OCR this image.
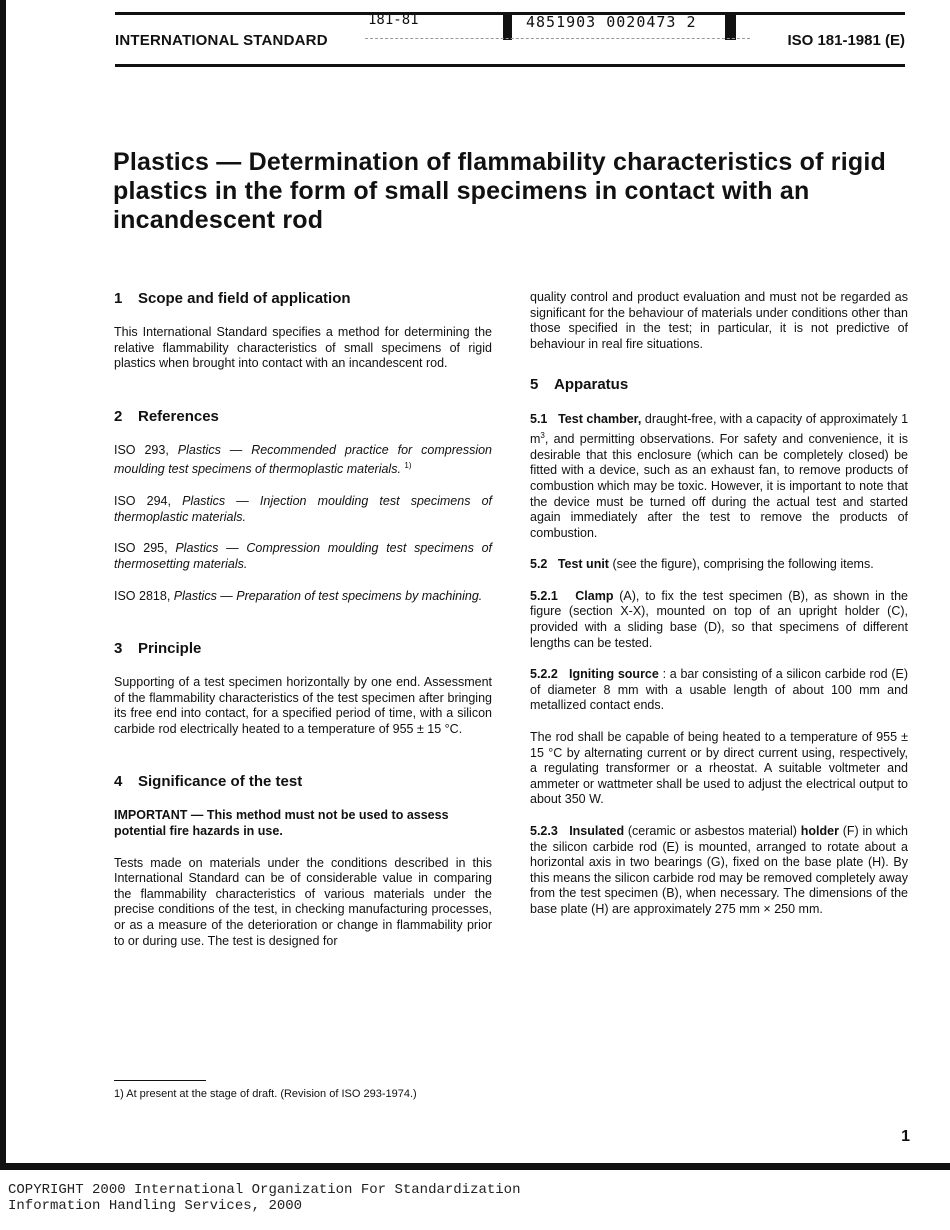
181-81	4851903 0020473 2
INTERNATIONAL STANDARD	ISO 181-1981 (E)
Plastics — Determination of flammability characteristics of rigid plastics in the form of small specimens in contact with an incandescent rod
1 Scope and field of application

This International Standard specifies a method for determining the relative flammability characteristics of small specimens of rigid plastics when brought into contact with an incandescent rod.

2 References

ISO 293, Plastics — Recommended practice for compression moulding test specimens of thermoplastic materials. $^{1)}$

ISO 294, Plastics — Injection moulding test specimens of thermoplastic materials.

ISO 295, Plastics — Compression moulding test specimens of thermosetting materials.

ISO 2818, Plastics — Preparation of test specimens by machining.

3 Principle

Supporting of a test specimen horizontally by one end. Assessment of the flammability characteristics of the test specimen after bringing its free end into contact, for a specified period of time, with a silicon carbide rod electrically heated to a temperature of 955 ± 15 °C.

4 Significance of the test

IMPORTANT — This method must not be used to assess potential fire hazards in use.

Tests made on materials under the conditions described in this International Standard can be of considerable value in comparing the flammability characteristics of various materials under the precise conditions of the test, in checking manufacturing processes, or as a measure of the deterioration or change in flammability prior to or during use. The test is designed for

quality control and product evaluation and must not be regarded as significant for the behaviour of materials under conditions other than those specified in the test; in particular, it is not predictive of behaviour in real fire situations.

5 Apparatus

5.1 Test chamber, draught-free, with a capacity of approximately 1 $m^3$, and permitting observations. For safety and convenience, it is desirable that this enclosure (which can be completely closed) be fitted with a device, such as an exhaust fan, to remove products of combustion which may be toxic. However, it is important to note that the device must be turned off during the actual test and started again immediately after the test to remove the products of combustion.

5.2 Test unit (see the figure), comprising the following items.

5.2.1 Clamp (A), to fix the test specimen (B), as shown in the figure (section X-X), mounted on top of an upright holder (C), provided with a sliding base (D), so that specimens of different lengths can be tested.

5.2.2 Igniting source : a bar consisting of a silicon carbide rod (E) of diameter 8 mm with a usable length of about 100 mm and metallized contact ends.

The rod shall be capable of being heated to a temperature of 955 ± 15 °C by alternating current or by direct current using, respectively, a regulating transformer or a rheostat. A suitable voltmeter and ammeter or wattmeter shall be used to adjust the electrical output to about 350 W.

5.2.3 Insulated (ceramic or asbestos material) holder (F) in which the silicon carbide rod (E) is mounted, arranged to rotate about a horizontal axis in two bearings (G), fixed on the base plate (H). By this means the silicon carbide rod may be removed completely away from the test specimen (B), when necessary. The dimensions of the base plate (H) are approximately 275 mm × 250 mm.

1) At present at the stage of draft. (Revision of ISO 293-1974.)
1
COPYRIGHT 2000 International Organization For Standardization
Information Handling Services, 2000
